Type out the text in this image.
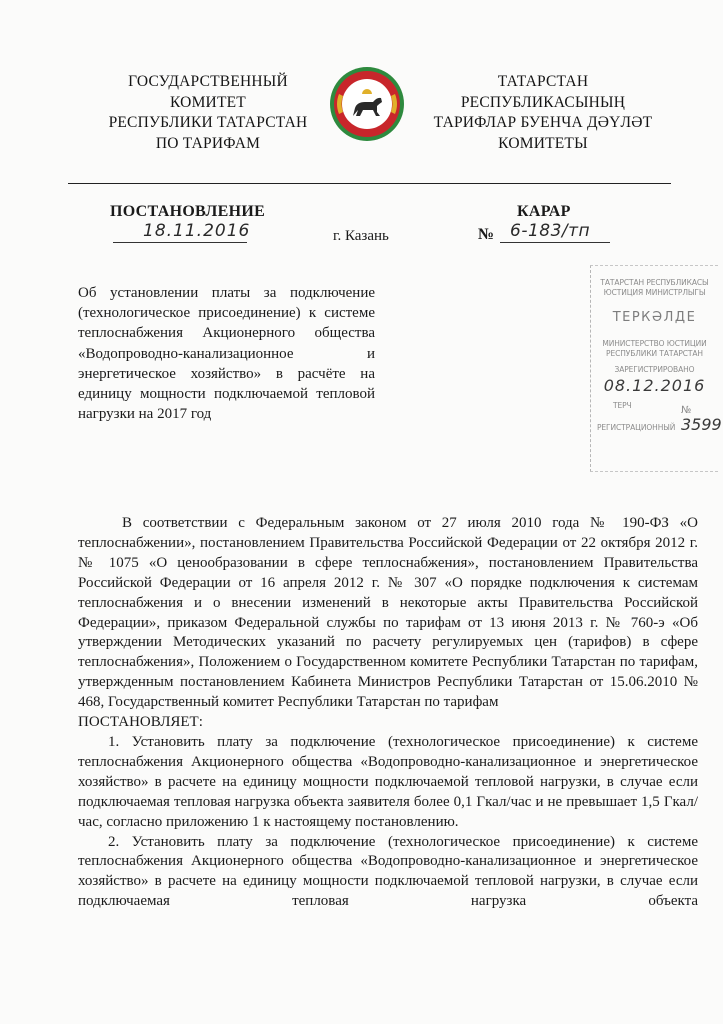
ГОСУДАРСТВЕННЫЙ
КОМИТЕТ
РЕСПУБЛИКИ ТАТАРСТАН
ПО ТАРИФАМ
ТАТАРСТАН
РЕСПУБЛИКАСЫНЫҢ
ТАРИФЛАР БУЕНЧА ДӘҮЛӘТ
КОМИТЕТЫ
ПОСТАНОВЛЕНИЕ	КАРАР
18.11.2016	г. Казань	№ 6-183/тп
Об установлении платы за подключение (технологическое присоединение) к системе теплоснабжения Акционерного общества «Водопроводно-канализационное и энергетическое хозяйство» в расчёте на единицу мощности подключаемой тепловой нагрузки на 2017 год
ТАТАРСТАН РЕСПУБЛИКАСЫ
ЮСТИЦИЯ МИНИСТРЛЫГЫ
ТЕРКӘЛДЕ
МИНИСТЕРСТВО ЮСТИЦИИ
РЕСПУБЛИКИ ТАТАРСТАН
ЗАРЕГИСТРИРОВАНО
08.12.2016
ТЕРЧ	№
РЕГИСТРАЦИОННЫЙ 3599

В соответствии с Федеральным законом от 27 июля 2010 года № 190-ФЗ «О теплоснабжении», постановлением Правительства Российской Федерации от 22 октября 2012 г. № 1075 «О ценообразовании в сфере теплоснабжения», постановлением Правительства Российской Федерации от 16 апреля 2012 г. № 307 «О порядке подключения к системам теплоснабжения и о внесении изменений в некоторые акты Правительства Российской Федерации», приказом Федеральной службы по тарифам от 13 июня 2013 г. № 760-э «Об утверждении Методических указаний по расчету регулируемых цен (тарифов) в сфере теплоснабжения», Положением о Государственном комитете Республики Татарстан по тарифам, утвержденным постановлением Кабинета Министров Республики Татарстан от 15.06.2010 № 468, Государственный комитет Республики Татарстан по тарифам

ПОСТАНОВЛЯЕТ:

1. Установить плату за подключение (технологическое присоединение) к системе теплоснабжения Акционерного общества «Водопроводно-канализационное и энергетическое хозяйство» в расчете на единицу мощности подключаемой тепловой нагрузки, в случае если подключаемая тепловая нагрузка объекта заявителя более 0,1 Гкал/час и не превышает 1,5 Гкал/час, согласно приложению 1 к настоящему постановлению.

2. Установить плату за подключение (технологическое присоединение) к системе теплоснабжения Акционерного общества «Водопроводно-канализационное и энергетическое хозяйство» в расчете на единицу мощности подключаемой тепловой нагрузки, в случае если подключаемая тепловая нагрузка объекта
